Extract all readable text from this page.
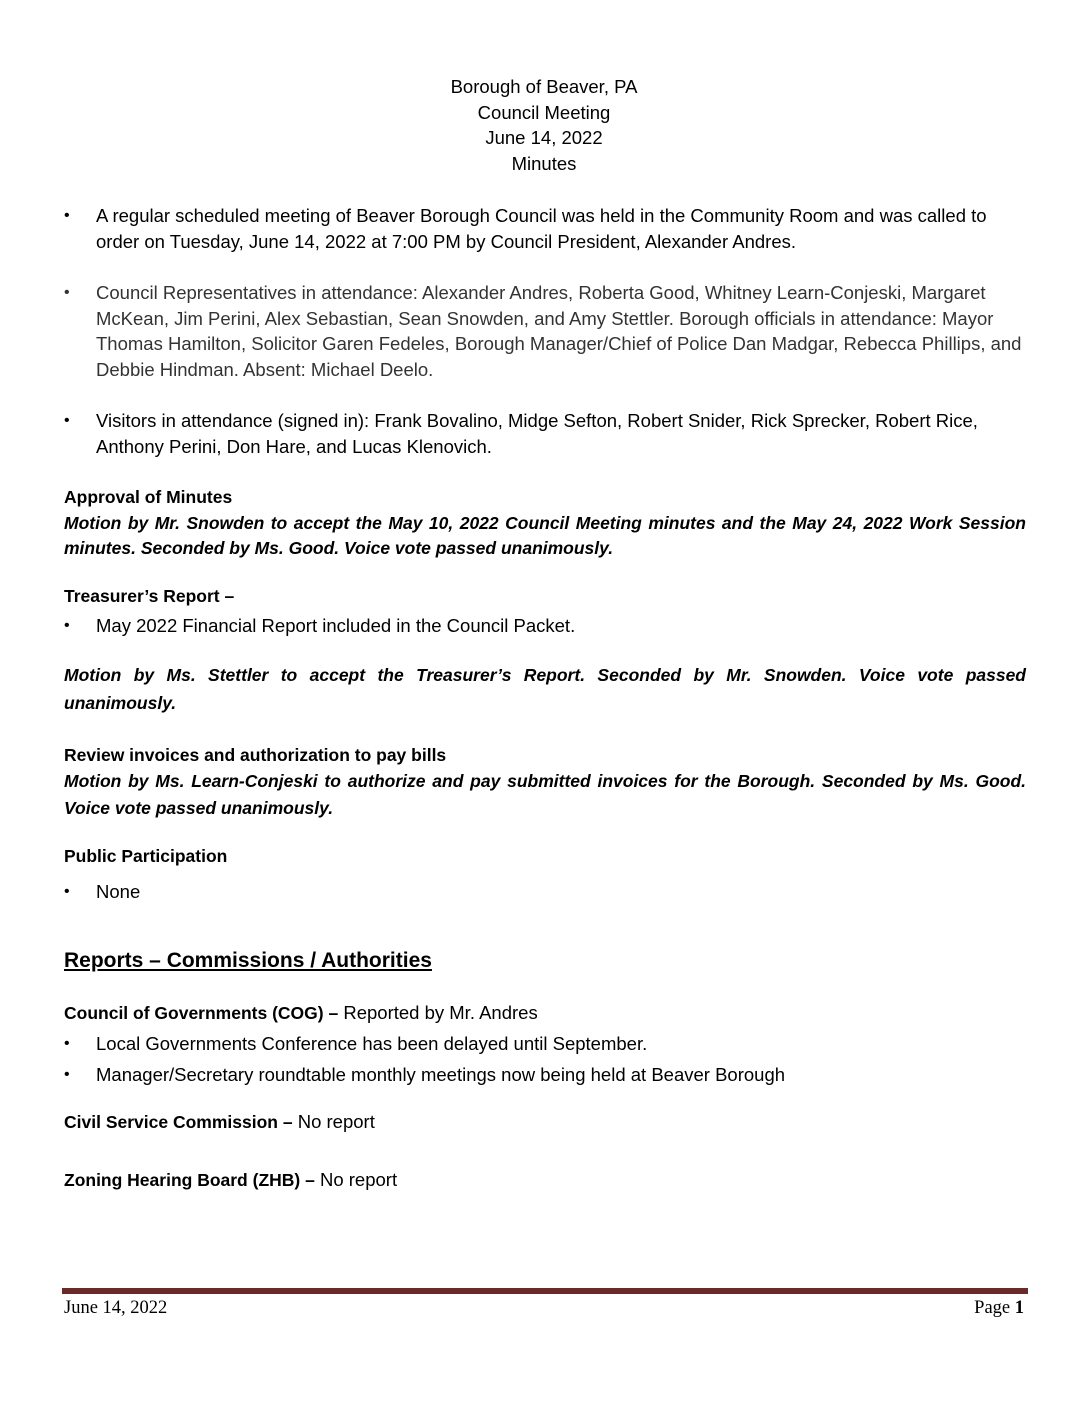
Borough of Beaver, PA
Council Meeting
June 14, 2022
Minutes

•	A regular scheduled meeting of Beaver Borough Council was held in the Community Room and was called to order on Tuesday, June 14, 2022 at 7:00 PM by Council President, Alexander Andres.

•	Council Representatives in attendance: Alexander Andres, Roberta Good, Whitney Learn-Conjeski, Margaret McKean, Jim Perini, Alex Sebastian, Sean Snowden, and Amy Stettler. Borough officials in attendance: Mayor Thomas Hamilton, Solicitor Garen Fedeles, Borough Manager/Chief of Police Dan Madgar, Rebecca Phillips, and Debbie Hindman. Absent: Michael Deelo.

•	Visitors in attendance (signed in): Frank Bovalino, Midge Sefton, Robert Snider, Rick Sprecker, Robert Rice, Anthony Perini, Don Hare, and Lucas Klenovich.

Approval of Minutes

Motion by Mr. Snowden to accept the May 10, 2022 Council Meeting minutes and the May 24, 2022 Work Session minutes. Seconded by Ms. Good. Voice vote passed unanimously.

Treasurer’s Report –

•	May 2022 Financial Report included in the Council Packet.

Motion by Ms. Stettler to accept the Treasurer’s Report. Seconded by Mr. Snowden. Voice vote passed unanimously.

Review invoices and authorization to pay bills

Motion by Ms. Learn-Conjeski to authorize and pay submitted invoices for the Borough. Seconded by Ms. Good. Voice vote passed unanimously.

Public Participation

•	None

Reports – Commissions / Authorities

Council of Governments (COG) – Reported by Mr. Andres

•	Local Governments Conference has been delayed until September.

•	Manager/Secretary roundtable monthly meetings now being held at Beaver Borough

Civil Service Commission – No report

Zoning Hearing Board (ZHB) – No report

June 14, 2022	Page 1
